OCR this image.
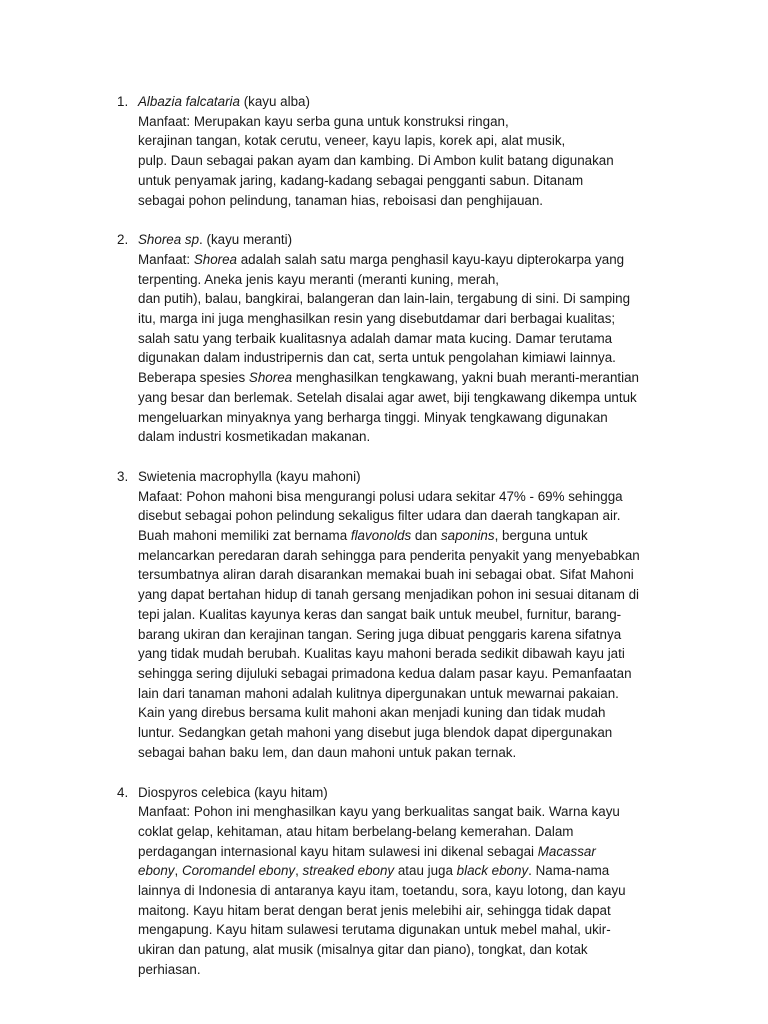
1. Albazia falcataria (kayu alba)
Manfaat: Merupakan kayu serba guna untuk konstruksi ringan,
kerajinan tangan, kotak cerutu, veneer, kayu lapis, korek api, alat musik,
pulp. Daun sebagai pakan ayam dan kambing. Di Ambon kulit batang digunakan
untuk penyamak jaring, kadang-kadang sebagai pengganti sabun. Ditanam
sebagai pohon pelindung, tanaman hias, reboisasi dan penghijauan.
2. Shorea sp. (kayu meranti)
Manfaat: Shorea adalah salah satu marga penghasil kayu-kayu dipterokarpa yang
terpenting. Aneka jenis kayu meranti (meranti kuning, merah,
dan putih), balau, bangkirai, balangeran dan lain-lain, tergabung di sini. Di samping
itu, marga ini juga menghasilkan resin yang disebutdamar dari berbagai kualitas;
salah satu yang terbaik kualitasnya adalah damar mata kucing. Damar terutama
digunakan dalam industripernis dan cat, serta untuk pengolahan kimiawi lainnya.
Beberapa spesies Shorea menghasilkan tengkawang, yakni buah meranti-merantian
yang besar dan berlemak. Setelah disalai agar awet, biji tengkawang dikempa untuk
mengeluarkan minyaknya yang berharga tinggi. Minyak tengkawang digunakan
dalam industri kosmetikadan makanan.
3. Swietenia macrophylla (kayu mahoni)
Mafaat: Pohon mahoni bisa mengurangi polusi udara sekitar 47% - 69% sehingga
disebut sebagai pohon pelindung sekaligus filter udara dan daerah tangkapan air.
Buah mahoni memiliki zat bernama flavonolds dan saponins, berguna untuk
melancarkan peredaran darah sehingga para penderita penyakit yang menyebabkan
tersumbatnya aliran darah disarankan memakai buah ini sebagai obat. Sifat Mahoni
yang dapat bertahan hidup di tanah gersang menjadikan pohon ini sesuai ditanam di
tepi jalan. Kualitas kayunya keras dan sangat baik untuk meubel, furnitur, barang-
barang ukiran dan kerajinan tangan. Sering juga dibuat penggaris karena sifatnya
yang tidak mudah berubah. Kualitas kayu mahoni berada sedikit dibawah kayu jati
sehingga sering dijuluki sebagai primadona kedua dalam pasar kayu. Pemanfaatan
lain dari tanaman mahoni adalah kulitnya dipergunakan untuk mewarnai pakaian.
Kain yang direbus bersama kulit mahoni akan menjadi kuning dan tidak mudah
luntur. Sedangkan getah mahoni yang disebut juga blendok dapat dipergunakan
sebagai bahan baku lem, dan daun mahoni untuk pakan ternak.
4. Diospyros celebica (kayu hitam)
Manfaat: Pohon ini menghasilkan kayu yang berkualitas sangat baik. Warna kayu
coklat gelap, kehitaman, atau hitam berbelang-belang kemerahan. Dalam
perdagangan internasional kayu hitam sulawesi ini dikenal sebagai Macassar
ebony, Coromandel ebony, streaked ebony atau juga black ebony. Nama-nama
lainnya di Indonesia di antaranya kayu itam, toetandu, sora, kayu lotong, dan kayu
maitong. Kayu hitam berat dengan berat jenis melebihi air, sehingga tidak dapat
mengapung. Kayu hitam sulawesi terutama digunakan untuk mebel mahal, ukir-
ukiran dan patung, alat musik (misalnya gitar dan piano), tongkat, dan kotak
perhiasan.
